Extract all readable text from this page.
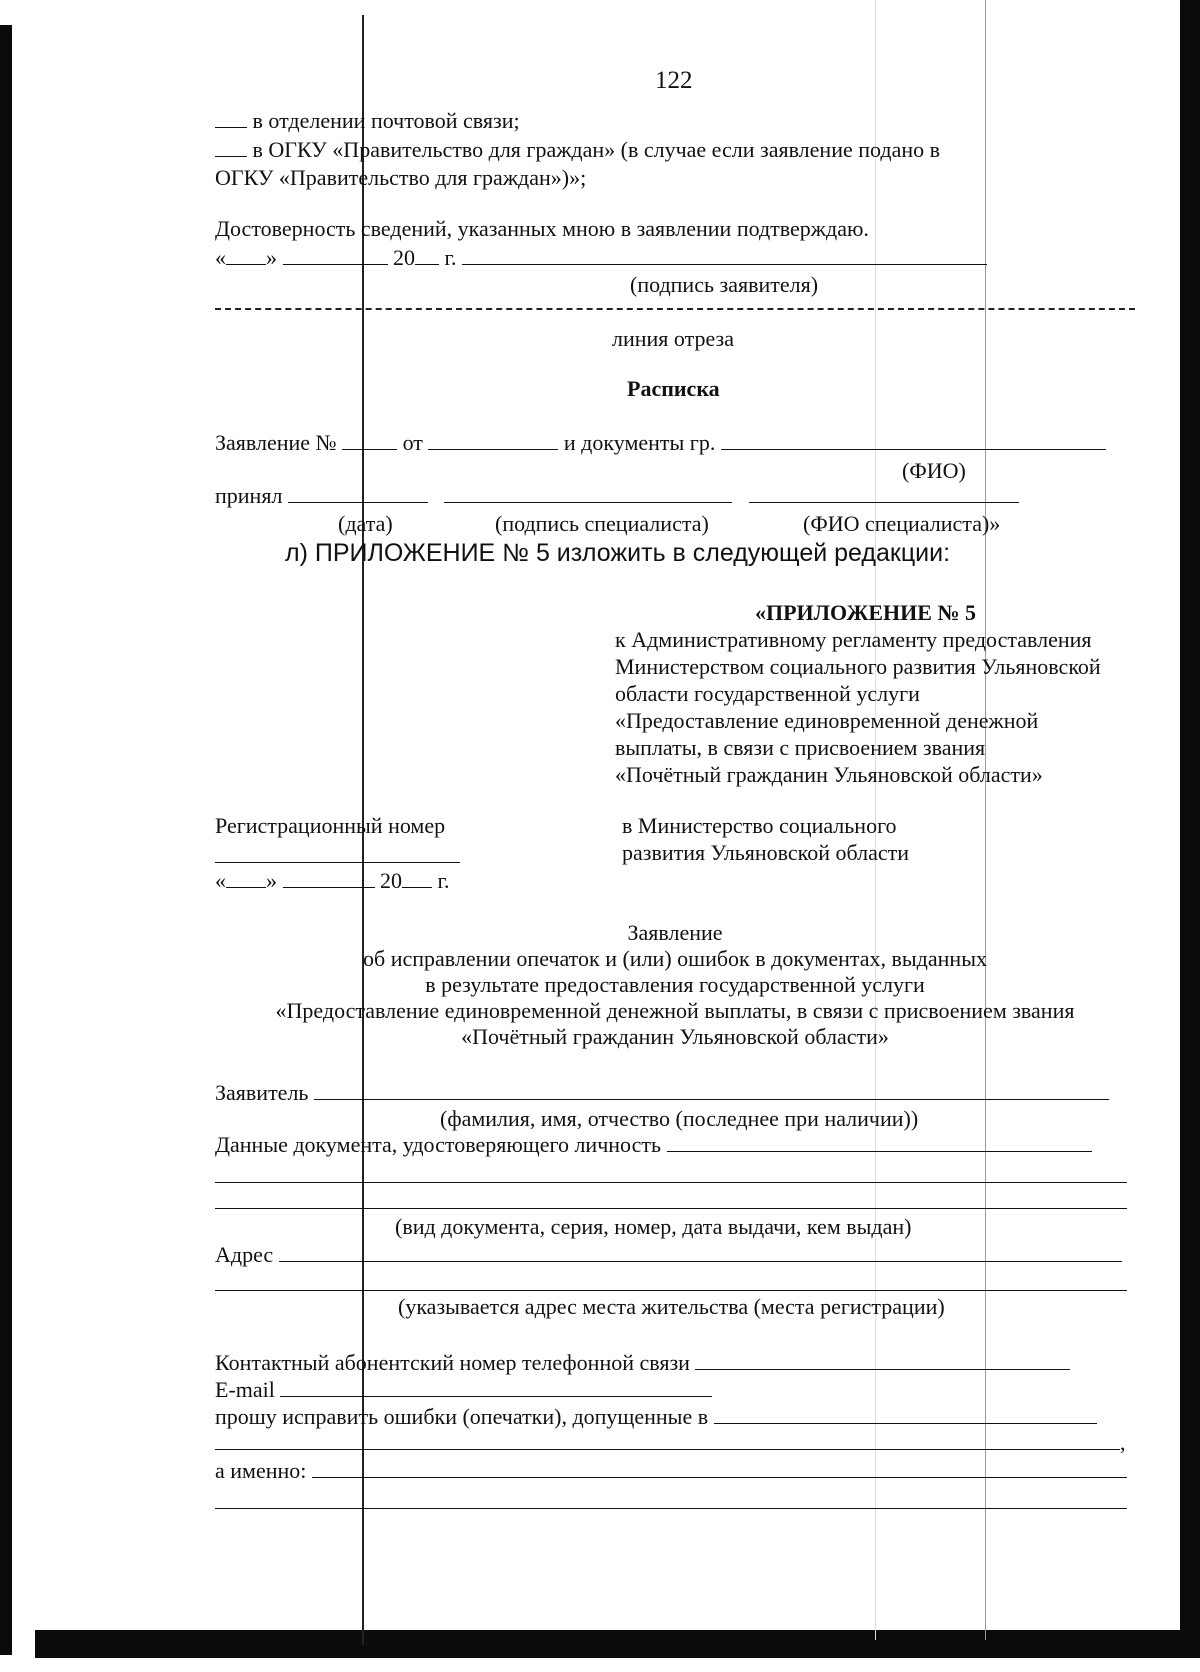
122
в отделении почтовой связи;
в ОГКУ «Правительство для граждан» (в случае если заявление подано в
ОГКУ «Правительство для граждан»)»;
Достоверность сведений, указанных мною в заявлении подтверждаю.
« »	20 г.
(подпись заявителя)
линия отреза
Расписка
Заявление №	от	и документы гр.
(ФИО)
принял
(дата)	(подпись специалиста)	(ФИО специалиста)»
л) ПРИЛОЖЕНИЕ № 5 изложить в следующей редакции:
«ПРИЛОЖЕНИЕ № 5
к Административному регламенту предоставления
Министерством социального развития Ульяновской
области государственной услуги
«Предоставление единовременной денежной
выплаты, в связи с присвоением звания
«Почётный гражданин Ульяновской области»
Регистрационный номер
« »	20 г.
в Министерство социального
развития Ульяновской области
Заявление
об исправлении опечаток и (или) ошибок в документах, выданных
в результате предоставления государственной услуги
«Предоставление единовременной денежной выплаты, в связи с присвоением звания
«Почётный гражданин Ульяновской области»
Заявитель
(фамилия, имя, отчество (последнее при наличии))
Данные документа, удостоверяющего личность
(вид документа, серия, номер, дата выдачи, кем выдан)
Адрес
(указывается адрес места жительства (места регистрации)
Контактный абонентский номер телефонной связи
E-mail
прошу исправить ошибки (опечатки), допущенные в
,
а именно:
